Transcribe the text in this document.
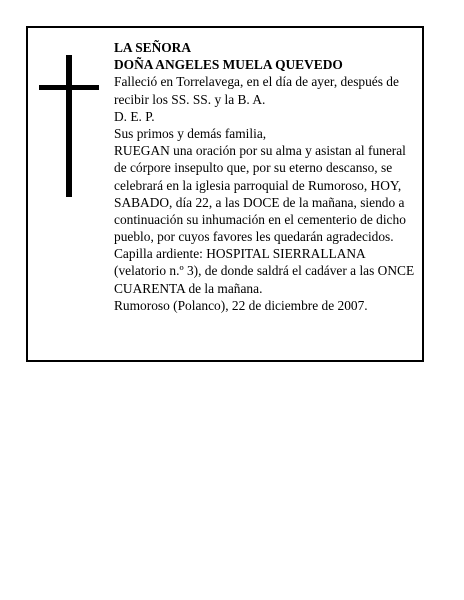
LA SEÑORA
DOÑA ANGELES MUELA QUEVEDO
Falleció en Torrelavega, en el día de ayer, después de
recibir los SS. SS. y la B. A.
D. E. P.
Sus primos y demás familia,
RUEGAN una oración por su alma y asistan al funeral
de córpore insepulto que, por su eterno descanso, se
celebrará en la iglesia parroquial de Rumoroso, HOY,
SABADO, día 22, a las DOCE de la mañana, siendo a
continuación su inhumación en el cementerio de dicho
pueblo, por cuyos favores les quedarán agradecidos.
Capilla ardiente: HOSPITAL SIERRALLANA
(velatorio n.º 3), de donde saldrá el cadáver a las ONCE
CUARENTA de la mañana.
Rumoroso (Polanco), 22 de diciembre de 2007.
